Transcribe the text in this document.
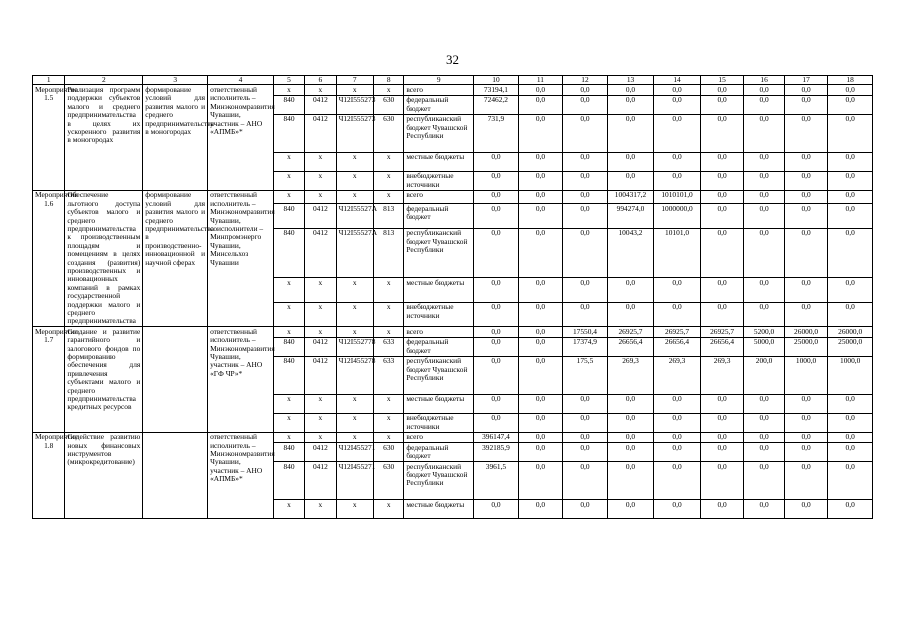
32
1	2	3	4	5	6	7	8	9	10	11	12	13	14	15	16	17	18
Мероприятие 1.5	Реализация программ поддержки субъектов малого и среднего предпринимательства в целях их ускоренного развития в моногородах	формирование условий для развития малого и среднего предпринимательства в моногородах	ответственный исполнитель – Минэкономразвития Чувашии, участник – АНО «АПМБ»*	x	x	x	x	всего	73194,1	0,0	0,0	0,0	0,0	0,0	0,0	0,0	0,0
				840	0412	Ч12I555273	630	федеральный бюджет	72462,2	0,0	0,0	0,0	0,0	0,0	0,0	0,0	0,0
				840	0412	Ч12I555273	630	республиканский бюджет Чувашской Республики	731,9	0,0	0,0	0,0	0,0	0,0	0,0	0,0	0,0
				x	x	x	x	местные бюджеты	0,0	0,0	0,0	0,0	0,0	0,0	0,0	0,0	0,0
				x	x	x	x	внебюджетные источники	0,0	0,0	0,0	0,0	0,0	0,0	0,0	0,0	0,0
Мероприятие 1.6	Обеспечение льготного доступа субъектов малого и среднего предпринимательства к производственным площадям и помещениям в целях создания (развития) производственных и инновационных компаний в рамках государственной поддержки малого и среднего предпринимательства	формирование условий для развития малого и среднего предпринимательства в производственно-инновационной и научной сферах	ответственный исполнитель – Минэкономразвития Чувашии, соисполнители – Минпромэнерго Чувашии, Минсельхоз Чувашии	x	x	x	x	всего	0,0	0,0	0,0	1004317,2	1010101,0	0,0	0,0	0,0	0,0
				840	0412	Ч12I55527А	813	федеральный бюджет	0,0	0,0	0,0	994274,0	1000000,0	0,0	0,0	0,0	0,0
				840	0412	Ч12I55527А	813	республиканский бюджет Чувашской Республики	0,0	0,0	0,0	10043,2	10101,0	0,0	0,0	0,0	0,0
				x	x	x	x	местные бюджеты	0,0	0,0	0,0	0,0	0,0	0,0	0,0	0,0	0,0
				x	x	x	x	внебюджетные источники	0,0	0,0	0,0	0,0	0,0	0,0	0,0	0,0	0,0
Мероприятие 1.7	Создание и развитие гарантийного и залогового фондов по формированию обеспечения для привлечения субъектами малого и среднего предпринимательства кредитных ресурсов		ответственный исполнитель – Минэкономразвития Чувашии, участник – АНО «ГФ ЧР»*	x	x	x	x	всего	0,0	0,0	17550,4	26925,7	26925,7	26925,7	5200,0	26000,0	26000,0
				840	0412	Ч12I552778	633	федеральный бюджет	0,0	0,0	17374,9	26656,4	26656,4	26656,4	5000,0	25000,0	25000,0
				840	0412	Ч12I455278	633	республиканский бюджет Чувашской Республики	0,0	0,0	175,5	269,3	269,3	269,3	200,0	1000,0	1000,0
				x	x	x	x	местные бюджеты	0,0	0,0	0,0	0,0	0,0	0,0	0,0	0,0	0,0
				x	x	x	x	внебюджетные источники	0,0	0,0	0,0	0,0	0,0	0,0	0,0	0,0	0,0
Мероприятие 1.8	Содействие развитию новых финансовых инструментов (микрокредитование)		ответственный исполнитель – Минэкономразвития Чувашии, участник – АНО «АПМБ»*	x	x	x	x	всего	396147,4	0,0	0,0	0,0	0,0	0,0	0,0	0,0	0,0
				840	0412	Ч12I455271	630	федеральный бюджет	392185,9	0,0	0,0	0,0	0,0	0,0	0,0	0,0	0,0
				840	0412	Ч12I455271	630	республиканский бюджет Чувашской Республики	3961,5	0,0	0,0	0,0	0,0	0,0	0,0	0,0	0,0
				x	x	x	x	местные бюджеты	0,0	0,0	0,0	0,0	0,0	0,0	0,0	0,0	0,0
